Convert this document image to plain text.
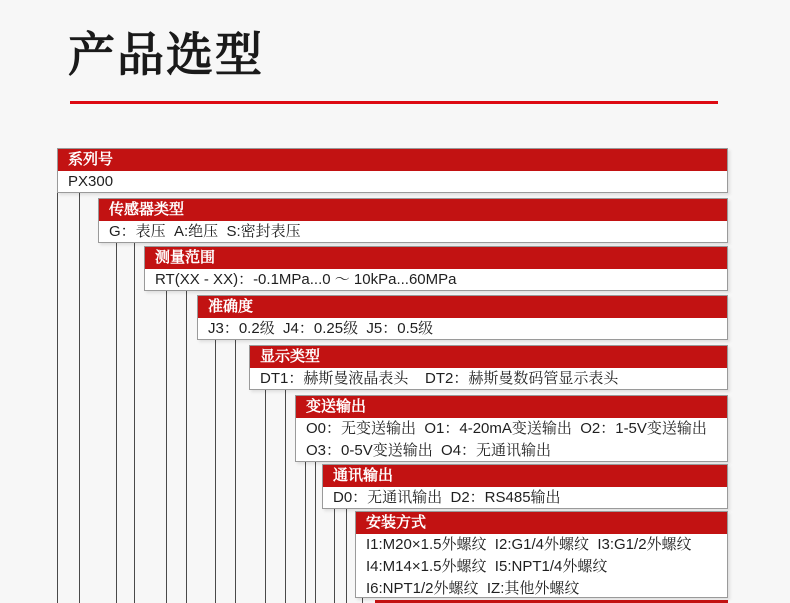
产品选型
系列号
PX300
传感器类型
G：表压  A:绝压  S:密封表压
测量范围
RT(XX - XX)：-0.1MPa...0 ～ 10kPa...60MPa
准确度
J3：0.2级  J4：0.25级  J5：0.5级
显示类型
DT1：赫斯曼液晶表头    DT2：赫斯曼数码管显示表头
变送输出
O0：无变送输出  O1：4-20mA变送输出  O2：1-5V变送输出
O3：0-5V变送输出  O4：无通讯输出
通讯输出
D0：无通讯输出  D2：RS485输出
安装方式
I1:M20×1.5外螺纹  I2:G1/4外螺纹  I3:G1/2外螺纹
I4:M14×1.5外螺纹  I5:NPT1/4外螺纹
I6:NPT1/2外螺纹  IZ:其他外螺纹
